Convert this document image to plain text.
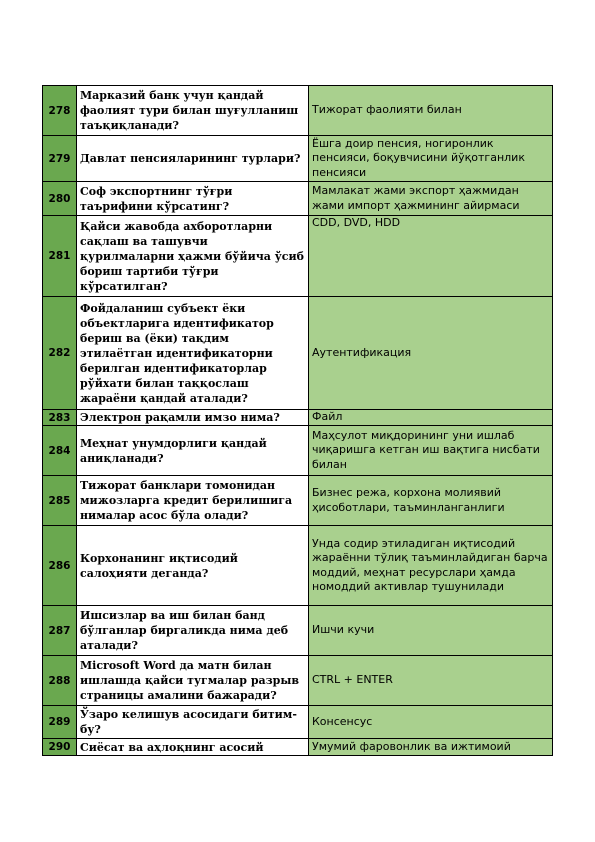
278	Марказий банк учун қандай фаолият тури билан шуғулланиш таъқиқланади?	Тижорат фаолияти билан
279	Давлат пенсияларининг турлари?	Ёшга доир пенсия, ногиронлик пенсияси, боқувчисини йўқотганлик пенсияси
280	Соф экспортнинг тўғри таърифини кўрсатинг?	Мамлакат жами экспорт ҳажмидан жами импорт ҳажмининг айирмаси
281	Қайси жавобда ахборотларни сақлаш ва ташувчи қурилмаларни ҳажми бўйича ўсиб бориш тартиби тўғри кўрсатилган?	CDD, DVD, HDD
282	Фойдаланиш субъект ёки объектларига идентификатор бериш ва (ёки) тақдим этилаётган идентификаторни берилган идентификаторлар рўйхати билан таққослаш жараёни қандай аталади?	Аутентификация
283	Электрон рақамли имзо нима?	Файл
284	Меҳнат унумдорлиги қандай аниқланади?	Маҳсулот миқдорининг уни ишлаб чиқаришга кетган иш вақтига нисбати билан
285	Тижорат банклари томонидан мижозларга кредит берилишига нималар асос бўла олади?	Бизнес режа, корхона молиявий ҳисоботлари, таъминланганлиги
286	Корхонанинг иқтисодий салоҳияти деганда?	Унда содир этиладиган иқтисодий жараённи тўлиқ таъминлайдиган барча моддий, меҳнат ресурслари ҳамда номоддий активлар тушунилади
287	Ишсизлар ва иш билан банд бўлганлар биргаликда нима деб аталади?	Ишчи кучи
288	Microsoft Word да матн билан ишлашда қайси тугмалар разрыв страницы амалини бажаради?	CTRL + ENTER
289	Ўзаро келишув асосидаги битим-бу?	Консенсус
290	Сиёсат ва аҳлоқнинг асосий	Умумий фаровонлик ва ижтимоий
